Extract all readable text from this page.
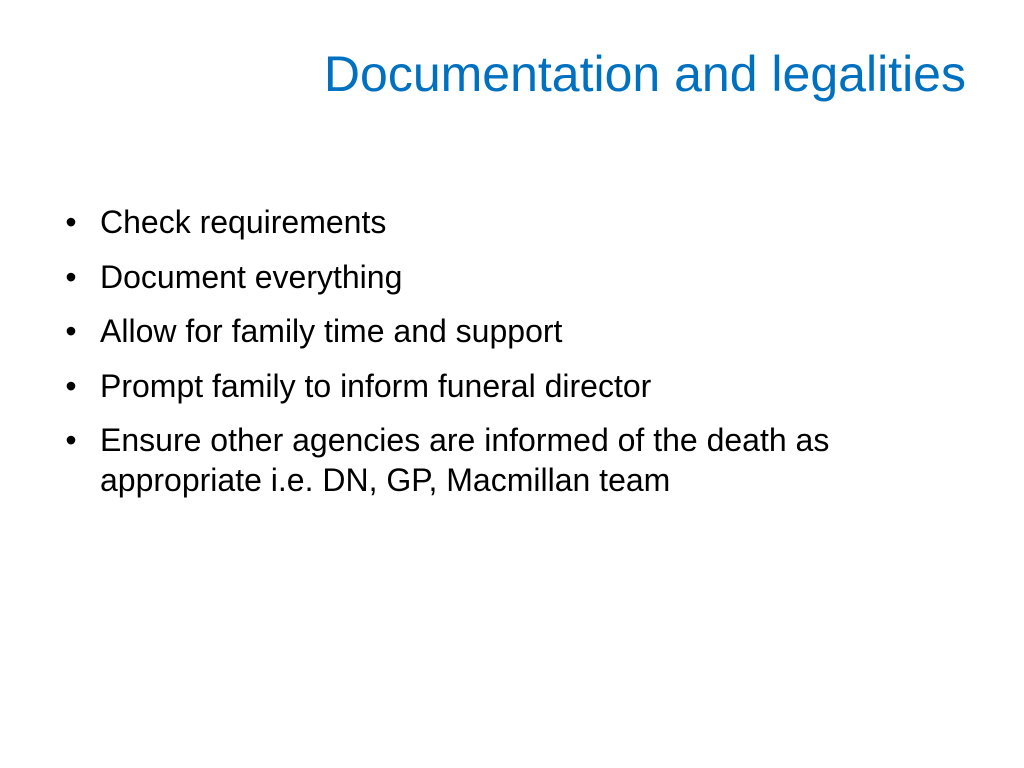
Documentation and legalities
• Check requirements
• Document everything
• Allow for family time and support
• Prompt family to inform funeral director
• Ensure other agencies are informed of the death as appropriate i.e. DN, GP, Macmillan team
